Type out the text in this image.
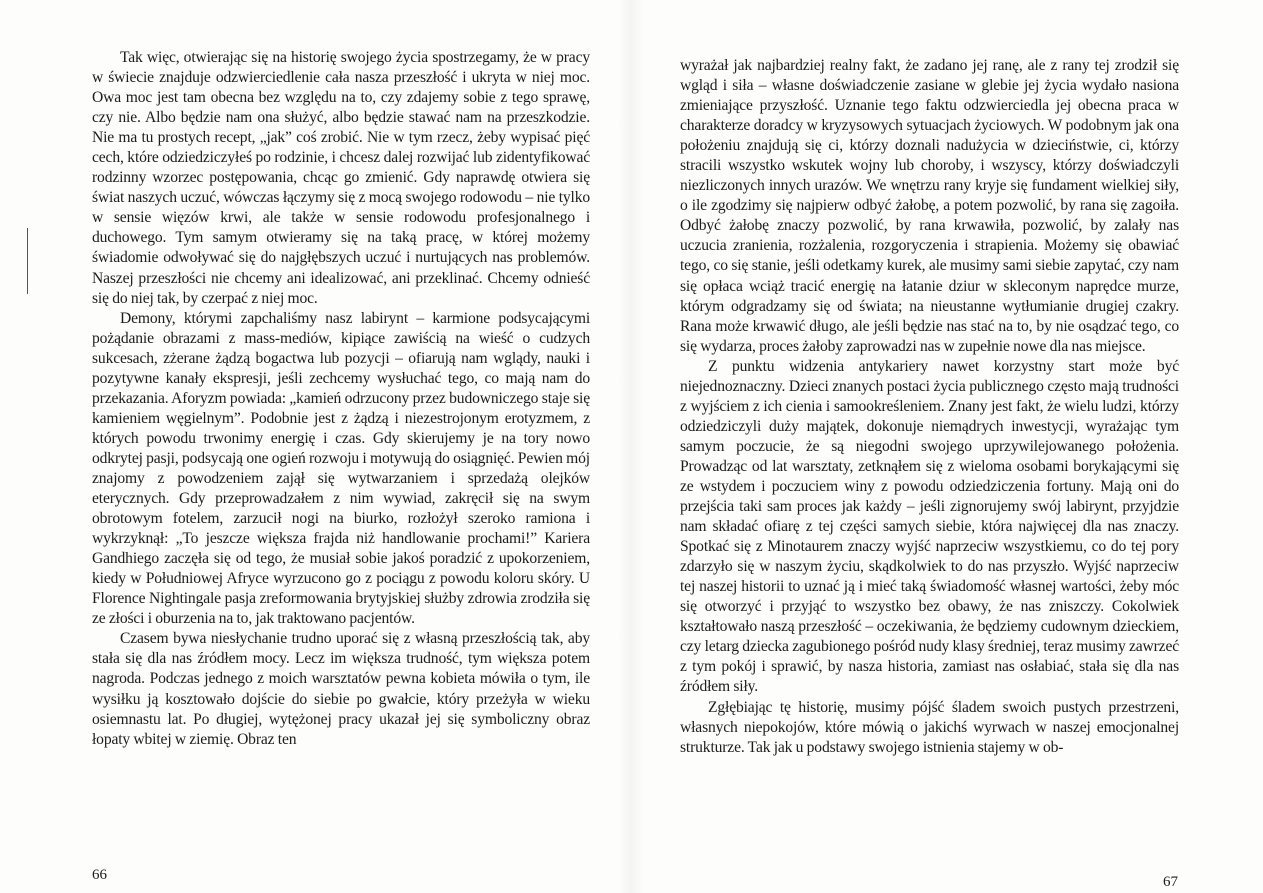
Tak więc, otwierając się na historię swojego życia spostrzegamy, że w pracy w świecie znajduje odzwierciedlenie cała nasza przeszłość i ukryta w niej moc. Owa moc jest tam obecna bez względu na to, czy zdajemy sobie z tego sprawę, czy nie. Albo będzie nam ona służyć, albo będzie stawać nam na przeszkodzie. Nie ma tu prostych recept, „jak” coś zrobić. Nie w tym rzecz, żeby wypisać pięć cech, które odziedziczyłeś po rodzinie, i chcesz dalej rozwijać lub zidentyfikować rodzinny wzorzec postępowania, chcąc go zmienić. Gdy naprawdę otwiera się świat naszych uczuć, wówczas łączymy się z mocą swojego rodowodu – nie tylko w sensie więzów krwi, ale także w sensie rodowodu profesjonalnego i duchowego. Tym samym otwieramy się na taką pracę, w której możemy świadomie odwoływać się do najgłębszych uczuć i nurtujących nas problemów. Naszej przeszłości nie chcemy ani idealizować, ani przeklinać. Chcemy odnieść się do niej tak, by czerpać z niej moc.

Demony, którymi zapchaliśmy nasz labirynt – karmione podsycającymi pożądanie obrazami z mass-mediów, kipiące zawiścią na wieść o cudzych sukcesach, zżerane żądzą bogactwa lub pozycji – ofiarują nam wglądy, nauki i pozytywne kanały ekspresji, jeśli zechcemy wysłuchać tego, co mają nam do przekazania. Aforyzm powiada: „kamień odrzucony przez budowniczego staje się kamieniem węgielnym”. Podobnie jest z żądzą i niezestrojonym erotyzmem, z których powodu trwonimy energię i czas. Gdy skierujemy je na tory nowo odkrytej pasji, podsycają one ogień rozwoju i motywują do osiągnięć. Pewien mój znajomy z powodzeniem zajął się wytwarzaniem i sprzedażą olejków eterycznych. Gdy przeprowadzałem z nim wywiad, zakręcił się na swym obrotowym fotelem, zarzucił nogi na biurko, rozłożył szeroko ramiona i wykrzyknął: „To jeszcze większa frajda niż handlowanie prochami!” Kariera Gandhiego zaczęła się od tego, że musiał sobie jakoś poradzić z upokorzeniem, kiedy w Południowej Afryce wyrzucono go z pociągu z powodu koloru skóry. U Florence Nightingale pasja zreformowania brytyjskiej służby zdrowia zrodziła się ze złości i oburzenia na to, jak traktowano pacjentów.

Czasem bywa niesłychanie trudno uporać się z własną przeszłością tak, aby stała się dla nas źródłem mocy. Lecz im większa trudność, tym większa potem nagroda. Podczas jednego z moich warsztatów pewna kobieta mówiła o tym, ile wysiłku ją kosztowało dojście do siebie po gwałcie, który przeżyła w wieku osiemnastu lat. Po długiej, wytężonej pracy ukazał jej się symboliczny obraz łopaty wbitej w ziemię. Obraz ten

66

wyrażał jak najbardziej realny fakt, że zadano jej ranę, ale z rany tej zrodził się wgląd i siła – własne doświadczenie zasiane w glebie jej życia wydało nasiona zmieniające przyszłość. Uznanie tego faktu odzwierciedla jej obecna praca w charakterze doradcy w kryzysowych sytuacjach życiowych. W podobnym jak ona położeniu znajdują się ci, którzy doznali nadużycia w dzieciństwie, ci, którzy stracili wszystko wskutek wojny lub choroby, i wszyscy, którzy doświadczyli niezliczonych innych urazów. We wnętrzu rany kryje się fundament wielkiej siły, o ile zgodzimy się najpierw odbyć żałobę, a potem pozwolić, by rana się zagoiła. Odbyć żałobę znaczy pozwolić, by rana krwawiła, pozwolić, by zalały nas uczucia zranienia, rozżalenia, rozgoryczenia i strapienia. Możemy się obawiać tego, co się stanie, jeśli odetkamy kurek, ale musimy sami siebie zapytać, czy nam się opłaca wciąż tracić energię na łatanie dziur w skleconym naprędce murze, którym odgradzamy się od świata; na nieustanne wytłumianie drugiej czakry. Rana może krwawić długo, ale jeśli będzie nas stać na to, by nie osądzać tego, co się wydarza, proces żałoby zaprowadzi nas w zupełnie nowe dla nas miejsce.

Z punktu widzenia antykariery nawet korzystny start może być niejednoznaczny. Dzieci znanych postaci życia publicznego często mają trudności z wyjściem z ich cienia i samookreśleniem. Znany jest fakt, że wielu ludzi, którzy odziedziczyli duży majątek, dokonuje niemądrych inwestycji, wyrażając tym samym poczucie, że są niegodni swojego uprzywilejowanego położenia. Prowadząc od lat warsztaty, zetknąłem się z wieloma osobami borykającymi się ze wstydem i poczuciem winy z powodu odziedziczenia fortuny. Mają oni do przejścia taki sam proces jak każdy – jeśli zignorujemy swój labirynt, przyjdzie nam składać ofiarę z tej części samych siebie, która najwięcej dla nas znaczy. Spotkać się z Minotaurem znaczy wyjść naprzeciw wszystkiemu, co do tej pory zdarzyło się w naszym życiu, skądkolwiek to do nas przyszło. Wyjść naprzeciw tej naszej historii to uznać ją i mieć taką świadomość własnej wartości, żeby móc się otworzyć i przyjąć to wszystko bez obawy, że nas zniszczy. Cokolwiek kształtowało naszą przeszłość – oczekiwania, że będziemy cudownym dzieckiem, czy letarg dziecka zagubionego pośród nudy klasy średniej, teraz musimy zawrzeć z tym pokój i sprawić, by nasza historia, zamiast nas osłabiać, stała się dla nas źródłem siły.

Zgłębiając tę historię, musimy pójść śladem swoich pustych przestrzeni, własnych niepokojów, które mówią o jakichś wyrwach w naszej emocjonalnej strukturze. Tak jak u podstawy swojego istnienia stajemy w ob-

67
